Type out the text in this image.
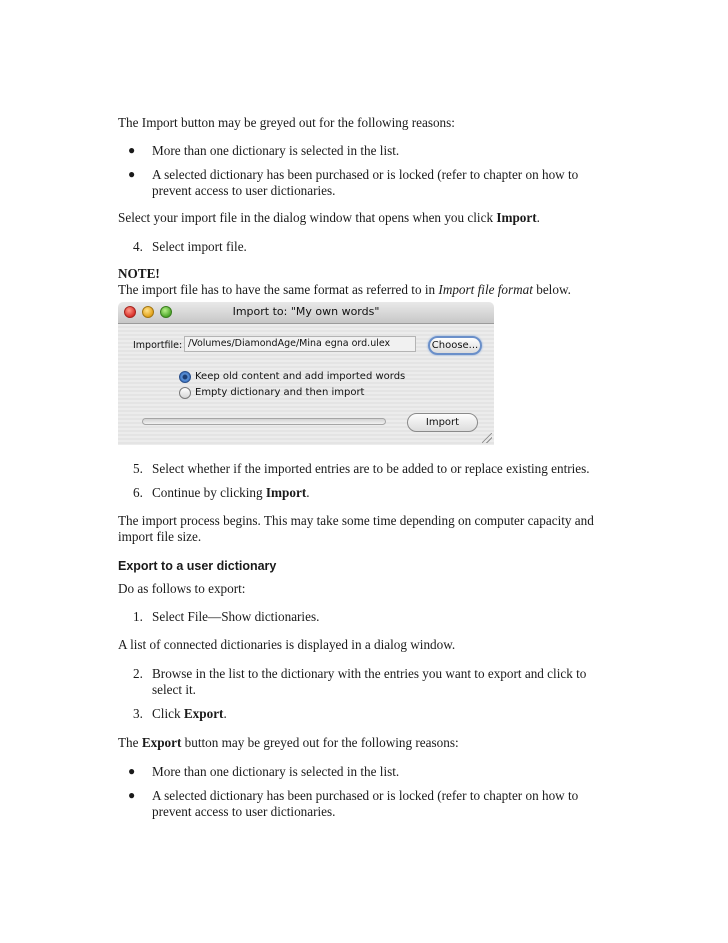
The Import button may be greyed out for the following reasons:

●	More than one dictionary is selected in the list.
●	A selected dictionary has been purchased or is locked (refer to chapter on how to
prevent access to user dictionaries.

Select your import file in the dialog window that opens when you click Import.

4. Select import file.

NOTE!

The import file has to have the same format as referred to in Import file format below.

Import to: "My own words"
Importfile: /Volumes/DiamondAge/Mina egna ord.ulex	Choose...
Keep old content and add imported words
Empty dictionary and then import
Import
5. Select whether if the imported entries are to be added to or replace existing entries.
6. Continue by clicking Import.

The import process begins. This may take some time depending on computer capacity and

import file size.

Export to a user dictionary

Do as follows to export:

1. Select File—Show dictionaries.

A list of connected dictionaries is displayed in a dialog window.

2. Browse in the list to the dictionary with the entries you want to export and click to
select it.
3. Click Export.

The Export button may be greyed out for the following reasons:

●	More than one dictionary is selected in the list.
●	A selected dictionary has been purchased or is locked (refer to chapter on how to
prevent access to user dictionaries.
